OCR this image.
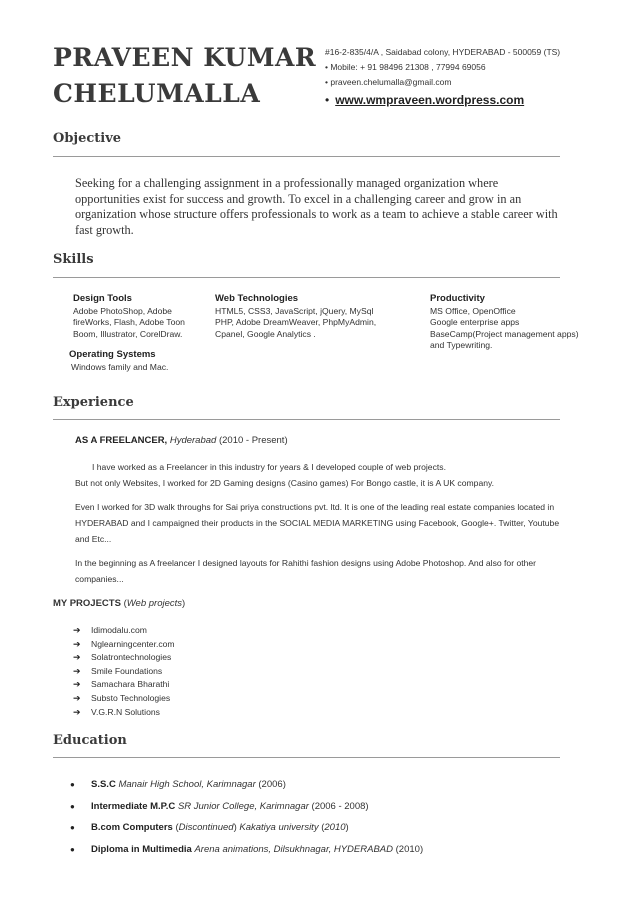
PRAVEEN KUMAR
CHELUMALLA
#16-2-835/4/A , Saidabad colony, HYDERABAD - 500059 (TS)
• Mobile: + 91 98496 21308 , 77994 69056
• praveen.chelumalla@gmail.com
• www.wmpraveen.wordpress.com
Objective
Seeking for a challenging assignment in a professionally managed organization where opportunities exist for success and growth. To excel in a challenging career and grow in an organization whose structure offers professionals to work as a team to achieve a stable career with fast growth.
Skills
Design Tools
Adobe PhotoShop, Adobe
fireWorks, Flash, Adobe Toon
Boom, Illustrator, CorelDraw.
Web Technologies
HTML5, CSS3, JavaScript, jQuery, MySql
PHP, Adobe DreamWeaver, PhpMyAdmin,
Cpanel, Google Analytics .
Productivity
MS Office, OpenOffice
Google enterprise apps
BaseCamp(Project management apps)
and Typewriting.
Operating Systems
Windows family and Mac.
Experience
AS A FREELANCER, Hyderabad (2010 - Present)
I have worked as a Freelancer in this industry for years & I developed couple of web projects.
But not only Websites, I worked for 2D Gaming designs (Casino games) For Bongo castle, it is A UK company.
Even I worked for 3D walk throughs for Sai priya constructions pvt. ltd. It is one of the leading real estate companies located in HYDERABAD and I campaigned their products in the SOCIAL MEDIA MARKETING using Facebook, Google+. Twitter, Youtube and Etc...
In the beginning as A freelancer I designed layouts for Rahithi fashion designs using Adobe Photoshop. And also for other companies...
MY PROJECTS (Web projects)
➔ Idimodalu.com
➔ Nglearningcenter.com
➔ Solatrontechnologies
➔ Smile Foundations
➔ Samachara Bharathi
➔ Substo Technologies
➔ V.G.R.N Solutions
Education
● S.S.C Manair High School, Karimnagar (2006)
● Intermediate M.P.C SR Junior College, Karimnagar (2006 - 2008)
● B.com Computers (Discontinued) Kakatiya university (2010)
● Diploma in Multimedia Arena animations, Dilsukhnagar, HYDERABAD (2010)
